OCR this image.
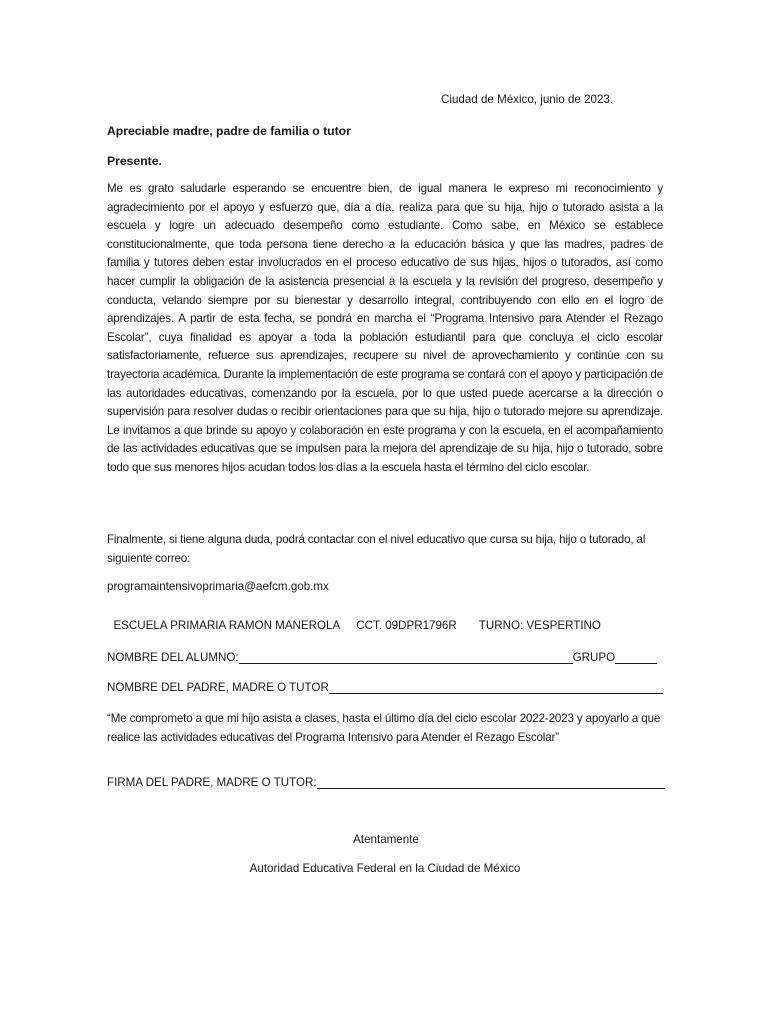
Ciudad de México, junio de 2023.
Apreciable madre, padre de familia o tutor
Presente.
Me es grato saludarle esperando se encuentre bien, de igual manera le expreso mi reconocimiento y agradecimiento por el apoyo y esfuerzo que, día a día, realiza para que su hija, hijo o tutorado asista a la escuela y logre un adecuado desempeño como estudiante. Como sabe, en México se establece constitucionalmente, que toda persona tiene derecho a la educación básica y que las madres, padres de familia y tutores deben estar involucrados en el proceso educativo de sus hijas, hijos o tutorados, así como hacer cumplir la obligación de la asistencia presencial a la escuela y la revisión del progreso, desempeño y conducta, velando siempre por su bienestar y desarrollo integral, contribuyendo con ello en el logro de aprendizajes. A partir de esta fecha, se pondrá en marcha el “Programa Intensivo para Atender el Rezago Escolar”, cuya finalidad es apoyar a toda la población estudiantil para que concluya el ciclo escolar satisfactoriamente, refuerce sus aprendizajes, recupere su nivel de aprovechamiento y continúe con su trayectoria académica. Durante la implementación de este programa se contará con el apoyo y participación de las autoridades educativas, comenzando por la escuela, por lo que usted puede acercarse a la dirección o supervisión para resolver dudas o recibir orientaciones para que su hija, hijo o tutorado mejore su aprendizaje. Le invitamos a que brinde su apoyo y colaboración en este programa y con la escuela, en el acompañamiento de las actividades educativas que se impulsen para la mejora del aprendizaje de su hija, hijo o tutorado, sobre todo que sus menores hijos acudan todos los días a la escuela hasta el término del ciclo escolar.
Finalmente, si tiene alguna duda, podrá contactar con el nivel educativo que cursa su hija, hijo o tutorado, al siguiente correo:
programaintensivoprimaria@aefcm.gob.mx

ESCUELA PRIMARIA RAMON MANEROLA CCT. 09DPR1796R TURNO: VESPERTINO

NOMBRE DEL ALUMNO:	GRUPO
NOMBRE DEL PADRE, MADRE O TUTOR
“Me comprometo a que mi hijo asista a clases, hasta el último día del ciclo escolar 2022-2023 y apoyarlo a que realice las actividades educativas del Programa Intensivo para Atender el Rezago Escolar”
FIRMA DEL PADRE, MADRE O TUTOR:
Atentamente
Autoridad Educativa Federal en la Ciudad de México
